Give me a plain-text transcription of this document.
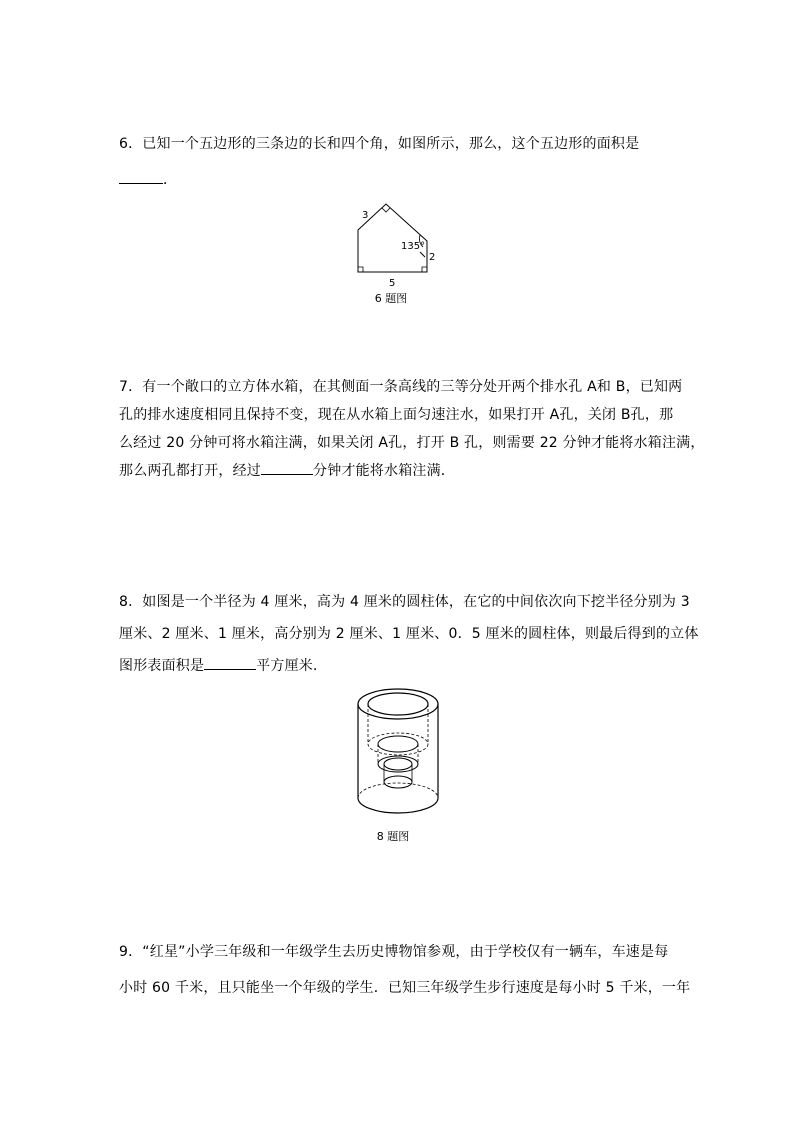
6．已知一个五边形的三条边的长和四个角，如图所示，那么，这个五边形的面积是
．
3
135°
2
5
6 题图
7．有一个敞口的立方体水箱，在其侧面一条高线的三等分处开两个排水孔 A和 B，已知两
孔的排水速度相同且保持不变，现在从水箱上面匀速注水，如果打开 A孔，关闭 B孔，那
么经过 20 分钟可将水箱注满，如果关闭 A孔，打开 B 孔，则需要 22 分钟才能将水箱注满，
那么两孔都打开，经过	分钟才能将水箱注满．
8．如图是一个半径为 4 厘米，高为 4 厘米的圆柱体，在它的中间依次向下挖半径分别为 3
厘米、2 厘米、1 厘米，高分别为 2 厘米、1 厘米、0．5 厘米的圆柱体，则最后得到的立体
图形表面积是	平方厘米．
8 题图
9．“红星”小学三年级和一年级学生去历史博物馆参观，由于学校仅有一辆车，车速是每
小时 60 千米，且只能坐一个年级的学生．已知三年级学生步行速度是每小时 5 千米，一年
